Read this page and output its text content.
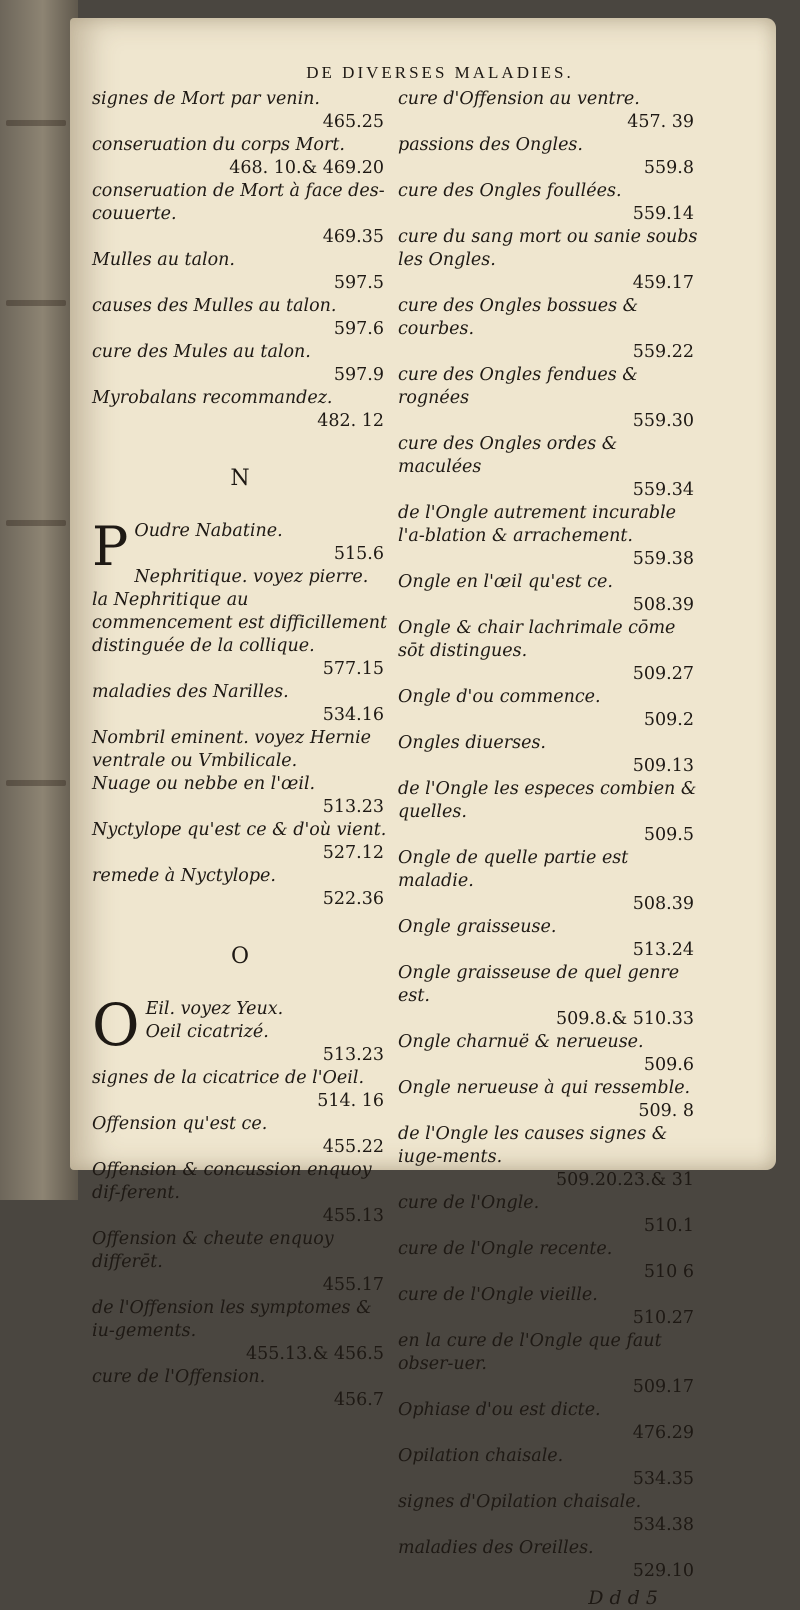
DE DIVERSES MALADIES.
signes de Mort par venin.
465.25
conseruation du corps Mort.
468. 10.& 469.20
conseruation de Mort à face des-couuerte.
469.35
Mulles au talon.
597.5
causes des Mulles au talon.
597.6
cure des Mules au talon.
597.9
Myrobalans recommandez.
482. 12
N
P Oudre Nabatine.
515.6
Nephritique. voyez pierre.
la Nephritique au commencement est difficillement distinguée de la collique.
577.15
maladies des Narilles.
534.16
Nombril eminent. voyez Hernie ventrale ou Vmbilicale.
Nuage ou nebbe en l'œil.
513.23
Nyctylope qu'est ce & d'où vient.
527.12
remede à Nyctylope.
522.36
O
O Eil. voyez Yeux.
Oeil cicatrizé.
513.23
signes de la cicatrice de l'Oeil.
514. 16
Offension qu'est ce.
455.22
Offension & concussion enquoy dif-ferent.
455.13
Offension & cheute enquoy differēt.
455.17
de l'Offension les symptomes & iu-gements.
455.13.& 456.5
cure de l'Offension.
456.7
cure d'Offension au ventre.
457. 39
passions des Ongles.
559.8
cure des Ongles foullées.
559.14
cure du sang mort ou sanie soubs les Ongles.
459.17
cure des Ongles bossues & courbes.
559.22
cure des Ongles fendues & rognées
559.30
cure des Ongles ordes & maculées
559.34
de l'Ongle autrement incurable l'a-blation & arrachement.
559.38
Ongle en l'œil qu'est ce.
508.39
Ongle & chair lachrimale cōme sōt distingues.
509.27
Ongle d'ou commence.
509.2
Ongles diuerses.
509.13
de l'Ongle les especes combien & quelles.
509.5
Ongle de quelle partie est maladie.
508.39
Ongle graisseuse.
513.24
Ongle graisseuse de quel genre est.
509.8.& 510.33
Ongle charnuë & nerueuse.
509.6
Ongle nerueuse à qui ressemble.
509. 8
de l'Ongle les causes signes & iuge-ments.
509.20.23.& 31
cure de l'Ongle.
510.1
cure de l'Ongle recente.
510 6
cure de l'Ongle vieille.
510.27
en la cure de l'Ongle que faut obser-uer.
509.17
Ophiase d'ou est dicte.
476.29
Opilation chaisale.
534.35
signes d'Opilation chaisale.
534.38
maladies des Oreilles.
529.10
D d d 5
